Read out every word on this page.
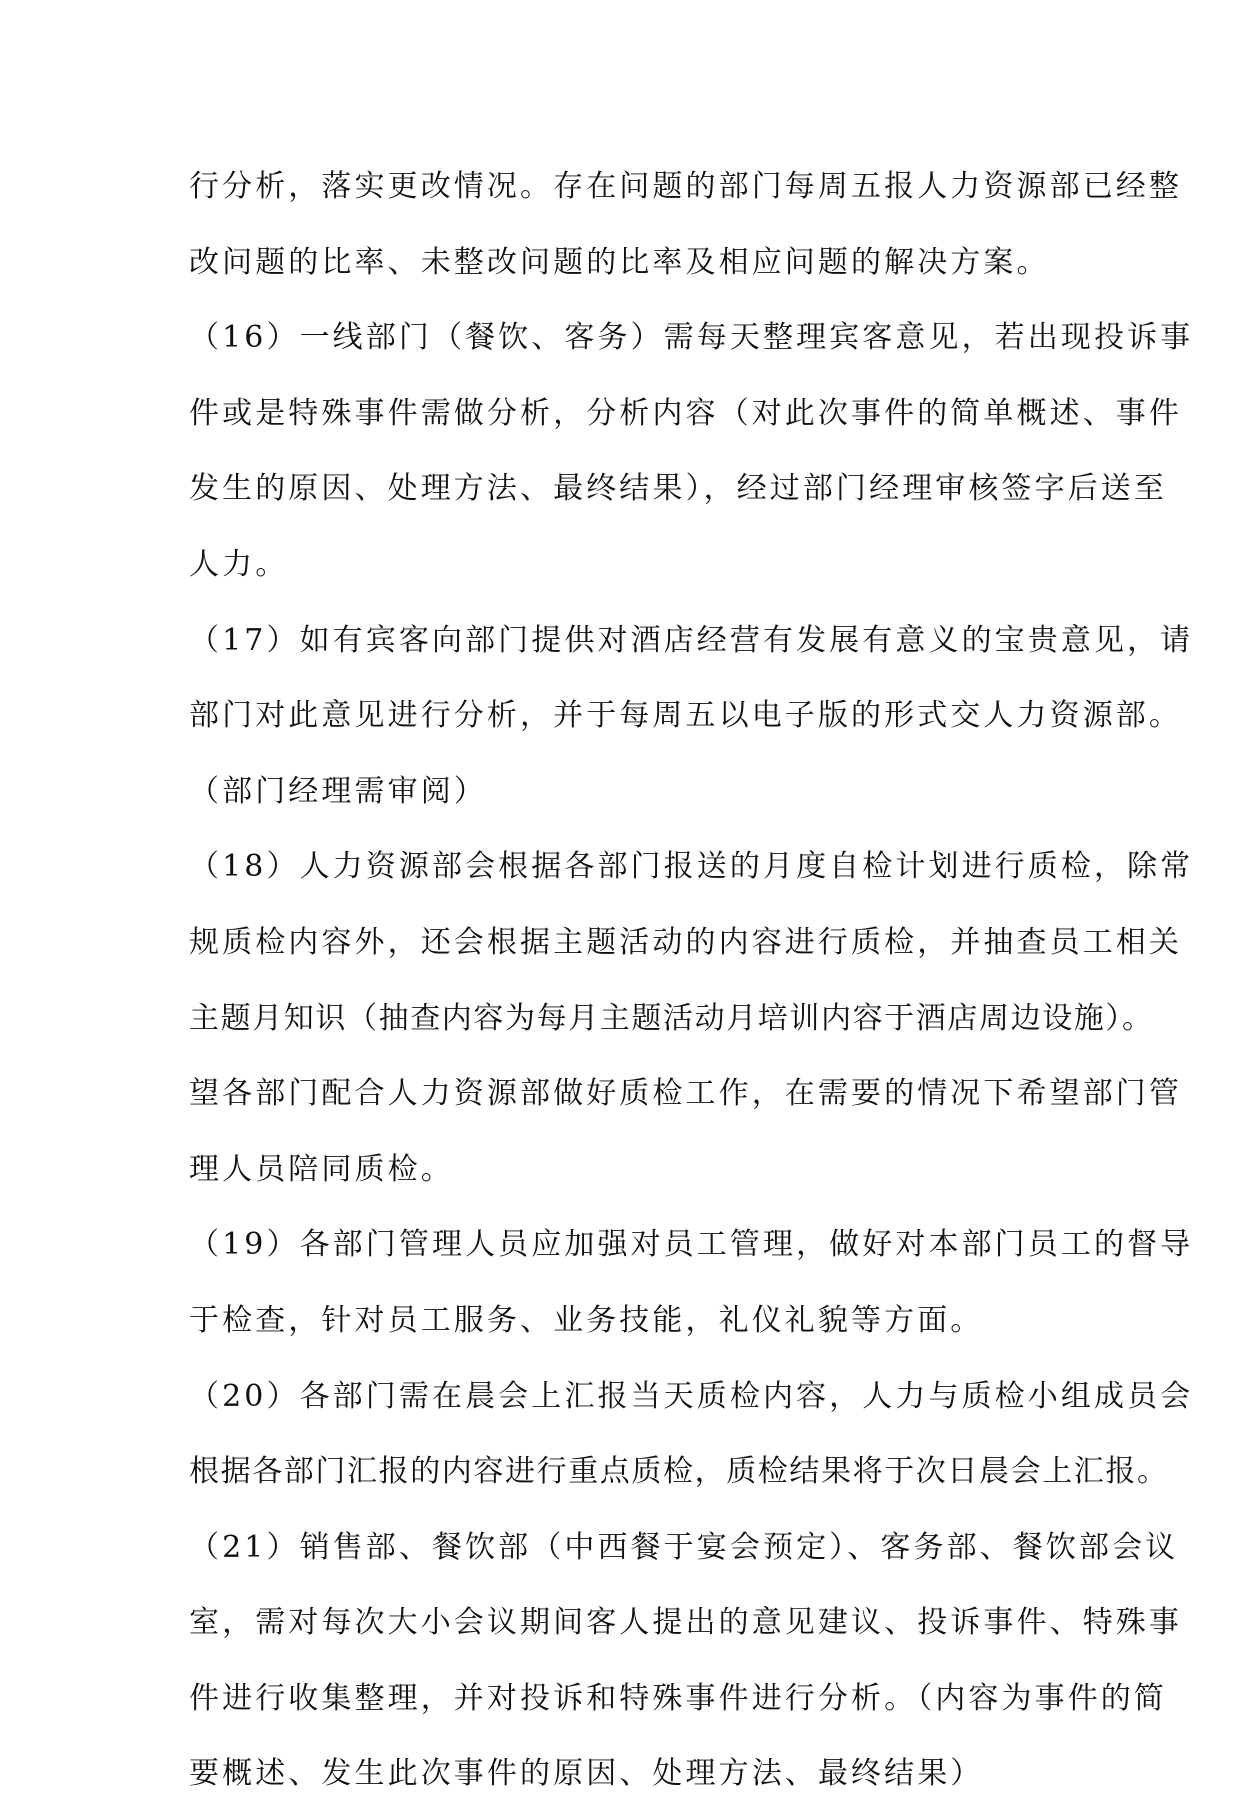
行分析，落实更改情况。存在问题的部门每周五报人力资源部已经整
改问题的比率、未整改问题的比率及相应问题的解决方案。
（16）一线部门（餐饮、客务）需每天整理宾客意见，若出现投诉事
件或是特殊事件需做分析，分析内容（对此次事件的简单概述、事件
发生的原因、处理方法、最终结果），经过部门经理审核签字后送至
人力。
（17）如有宾客向部门提供对酒店经营有发展有意义的宝贵意见，请
部门对此意见进行分析，并于每周五以电子版的形式交人力资源部。
（部门经理需审阅）
（18）人力资源部会根据各部门报送的月度自检计划进行质检，除常
规质检内容外，还会根据主题活动的内容进行质检，并抽查员工相关
主题月知识（抽查内容为每月主题活动月培训内容于酒店周边设施）。
望各部门配合人力资源部做好质检工作，在需要的情况下希望部门管
理人员陪同质检。
（19）各部门管理人员应加强对员工管理，做好对本部门员工的督导
于检查，针对员工服务、业务技能，礼仪礼貌等方面。
（20）各部门需在晨会上汇报当天质检内容，人力与质检小组成员会
根据各部门汇报的内容进行重点质检，质检结果将于次日晨会上汇报。
（21）销售部、餐饮部（中西餐于宴会预定）、客务部、餐饮部会议
室，需对每次大小会议期间客人提出的意见建议、投诉事件、特殊事
件进行收集整理，并对投诉和特殊事件进行分析。（内容为事件的简
要概述、发生此次事件的原因、处理方法、最终结果）
